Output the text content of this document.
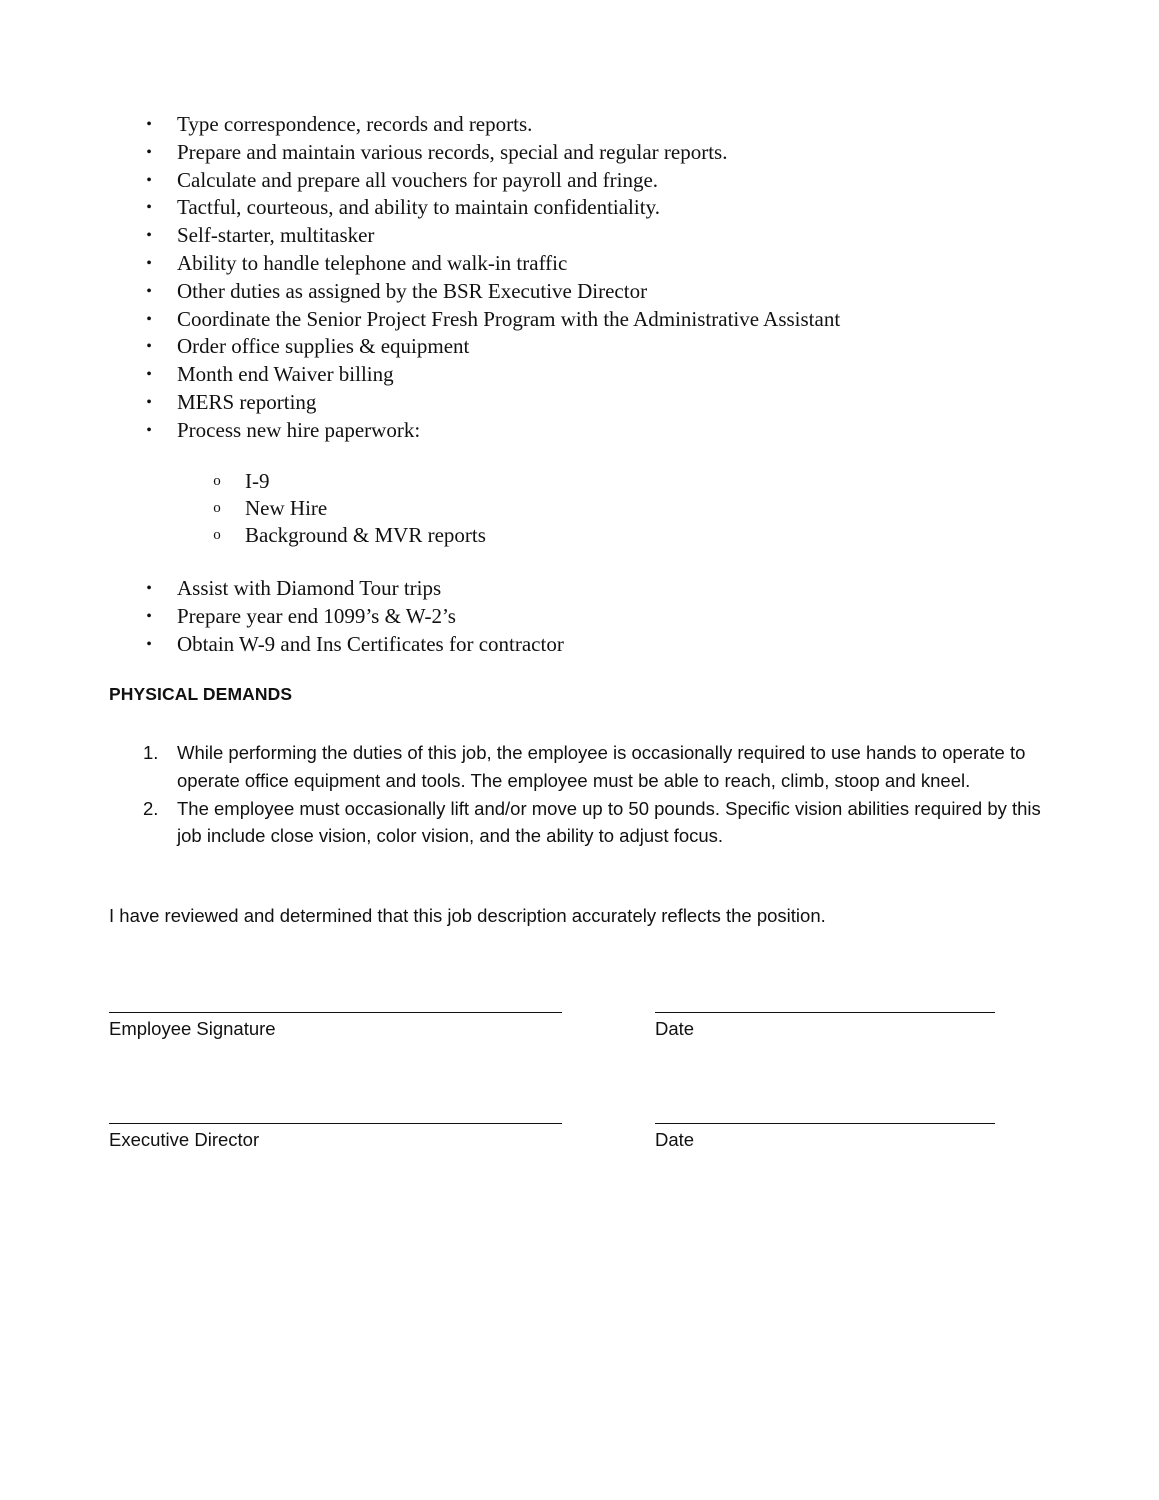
• Type correspondence, records and reports.
• Prepare and maintain various records, special and regular reports.
• Calculate and prepare all vouchers for payroll and fringe.
• Tactful, courteous, and ability to maintain confidentiality.
• Self-starter, multitasker
• Ability to handle telephone and walk-in traffic
• Other duties as assigned by the BSR Executive Director
• Coordinate the Senior Project Fresh Program with the Administrative Assistant
• Order office supplies & equipment
• Month end Waiver billing
• MERS reporting
• Process new hire paperwork:
o I-9
o New Hire
o Background & MVR reports
• Assist with Diamond Tour trips
• Prepare year end 1099’s & W-2’s
• Obtain W-9 and Ins Certificates for contractor
PHYSICAL DEMANDS
1. While performing the duties of this job, the employee is occasionally required to use hands to operate to operate office equipment and tools. The employee must be able to reach, climb, stoop and kneel.
2. The employee must occasionally lift and/or move up to 50 pounds. Specific vision abilities required by this job include close vision, color vision, and the ability to adjust focus.

I have reviewed and determined that this job description accurately reflects the position.

Employee Signature	Date
Executive Director	Date
